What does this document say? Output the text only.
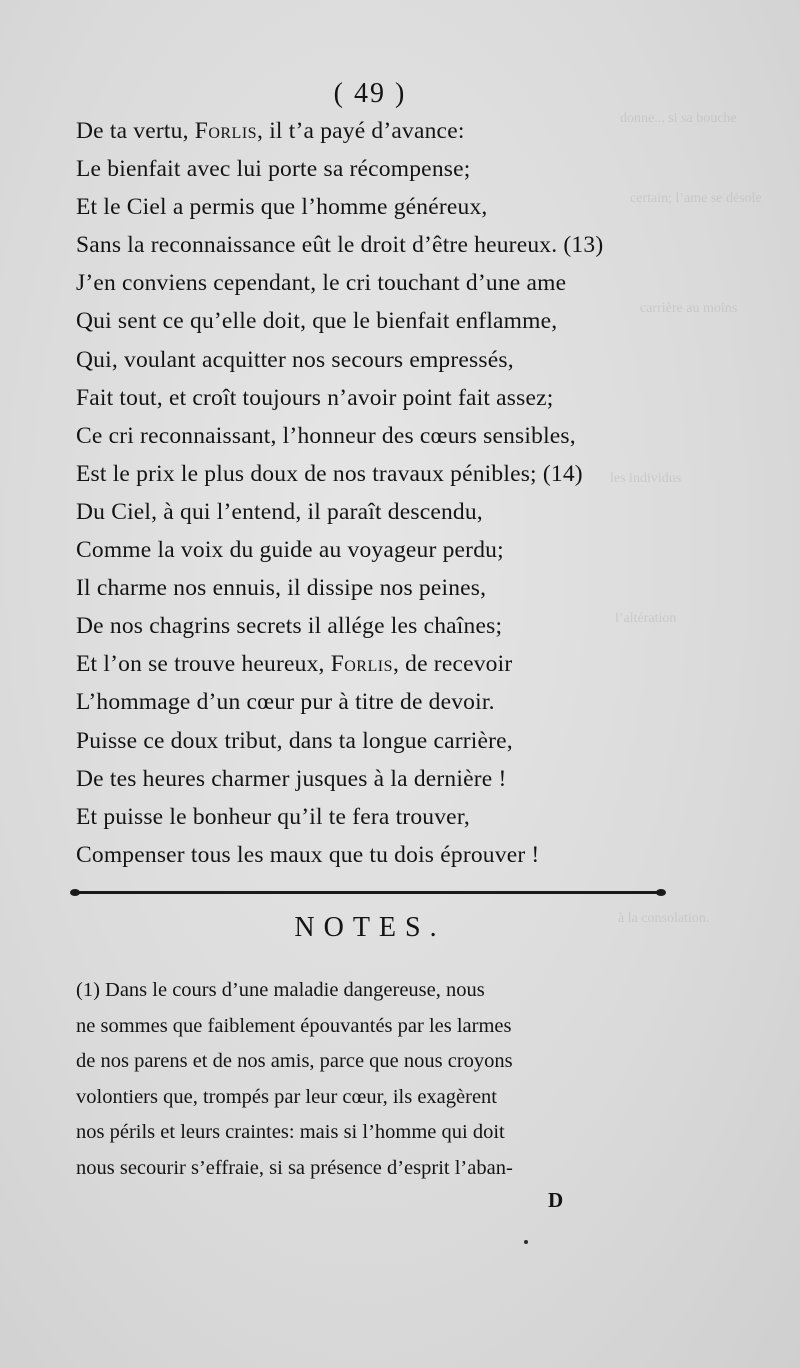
donne... si sa bouche
certain; l’ame se désole
carrière au moins
les individus
l’altération
à la consolation.
( 49 )
De ta vertu, Forlis, il t’a payé d’avance:
Le bienfait avec lui porte sa récompense;
Et le Ciel a permis que l’homme généreux,
Sans la reconnaissance eût le droit d’être heureux. (13)
J’en conviens cependant, le cri touchant d’une ame
Qui sent ce qu’elle doit, que le bienfait enflamme,
Qui, voulant acquitter nos secours empressés,
Fait tout, et croît toujours n’avoir point fait assez;
Ce cri reconnaissant, l’honneur des cœurs sensibles,
Est le prix le plus doux de nos travaux pénibles; (14)
Du Ciel, à qui l’entend, il paraît descendu,
Comme la voix du guide au voyageur perdu;
Il charme nos ennuis, il dissipe nos peines,
De nos chagrins secrets il allége les chaînes;
Et l’on se trouve heureux, Forlis, de recevoir
L’hommage d’un cœur pur à titre de devoir.
Puisse ce doux tribut, dans ta longue carrière,
De tes heures charmer jusques à la dernière !
Et puisse le bonheur qu’il te fera trouver,
Compenser tous les maux que tu dois éprouver !
NOTES.
(1) Dans le cours d’une maladie dangereuse, nous
ne sommes que faiblement épouvantés par les larmes
de nos parens et de nos amis, parce que nous croyons
volontiers que, trompés par leur cœur, ils exagèrent
nos périls et leurs craintes: mais si l’homme qui doit
nous secourir s’effraie, si sa présence d’esprit l’aban-
D
